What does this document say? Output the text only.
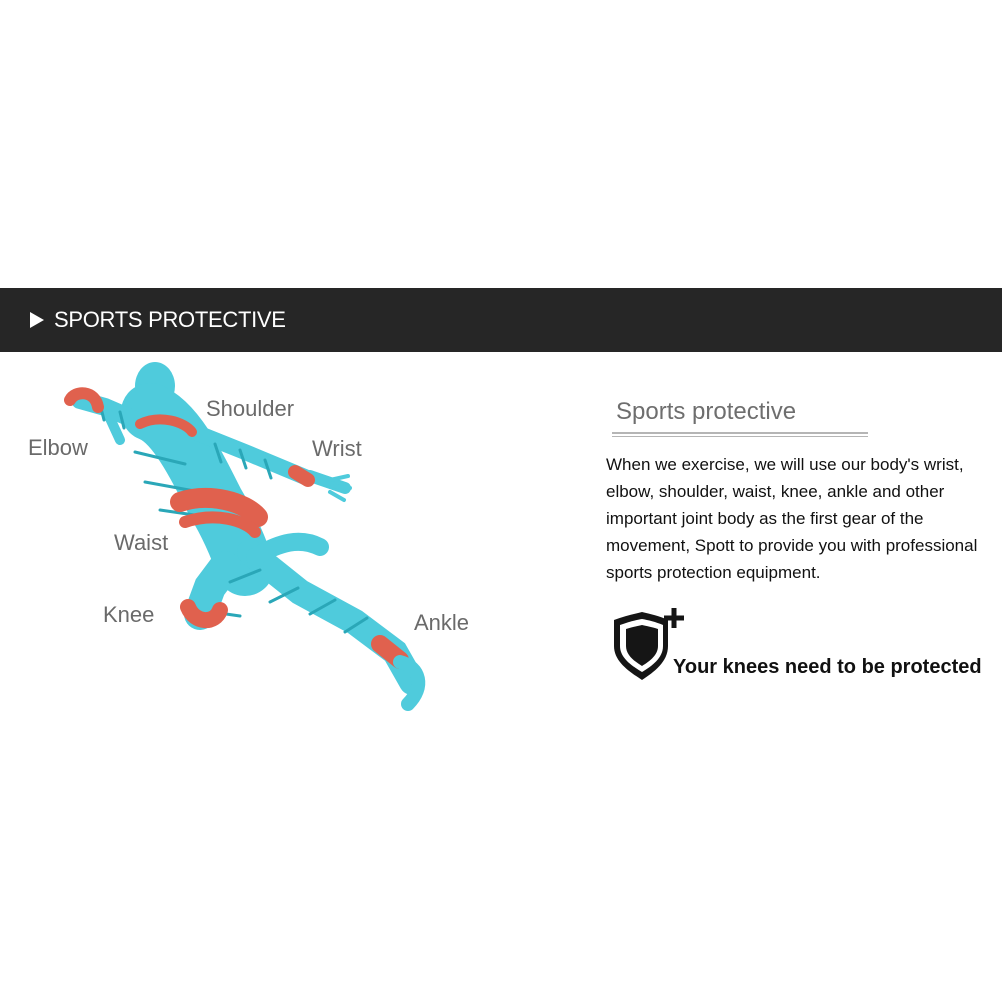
SPORTS PROTECTIVE
Shoulder
Elbow	Wrist
Waist
Knee	Ankle
Sports protective
When we exercise, we will use our body's wrist, elbow, shoulder, waist, knee, ankle and other important joint body as the first gear of the movement, Spott to provide you with professional sports protection equipment.
Your knees need to be protected
